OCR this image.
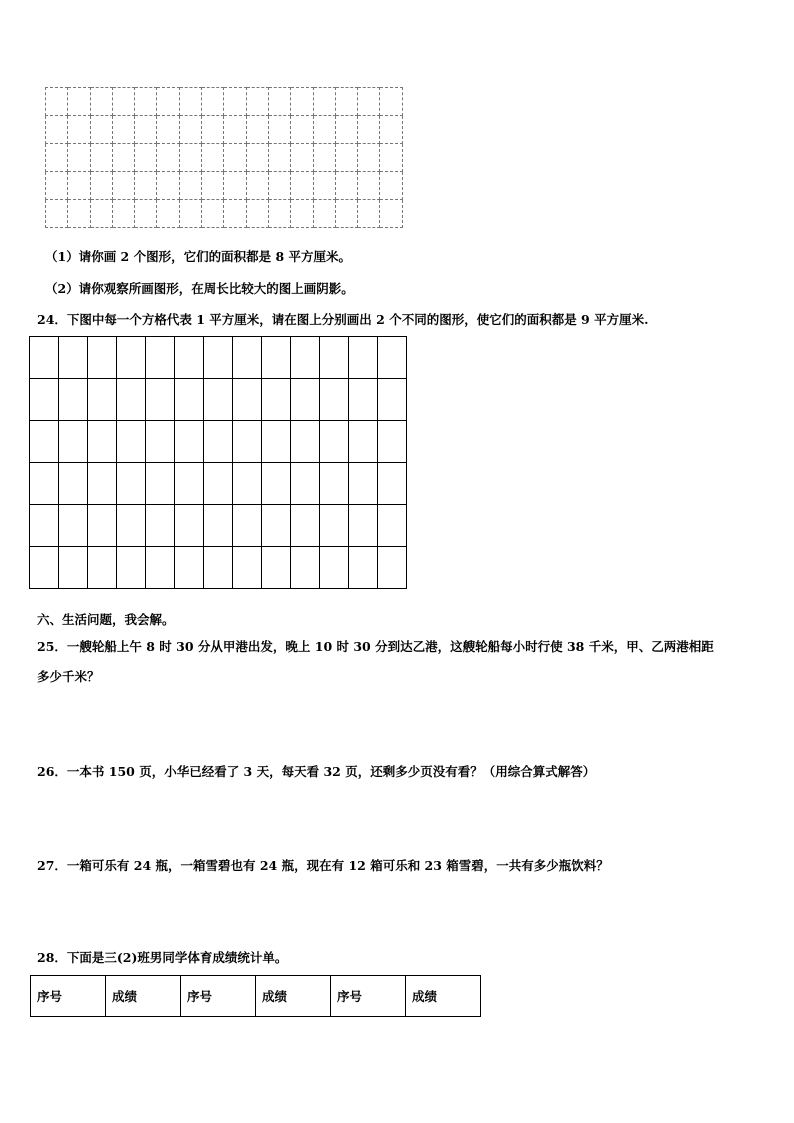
（1）请你画 2 个图形，它们的面积都是 8 平方厘米。
（2）请你观察所画图形，在周长比较大的图上画阴影。
24．下图中每一个方格代表 1 平方厘米，请在图上分别画出 2 个不同的图形，使它们的面积都是 9 平方厘米.

六、生活问题，我会解。
25．一艘轮船上午 8 时 30 分从甲港出发，晚上 10 时 30 分到达乙港，这艘轮船每小时行使 38 千米，甲、乙两港相距
多少千米？
26．一本书 150 页，小华已经看了 3 天，每天看 32 页，还剩多少页没有看？（用综合算式解答）
27．一箱可乐有 24 瓶，一箱雪碧也有 24 瓶，现在有 12 箱可乐和 23 箱雪碧，一共有多少瓶饮料？
28．下面是三(2)班男同学体育成绩统计单。
序号	成绩	序号	成绩	序号	成绩
